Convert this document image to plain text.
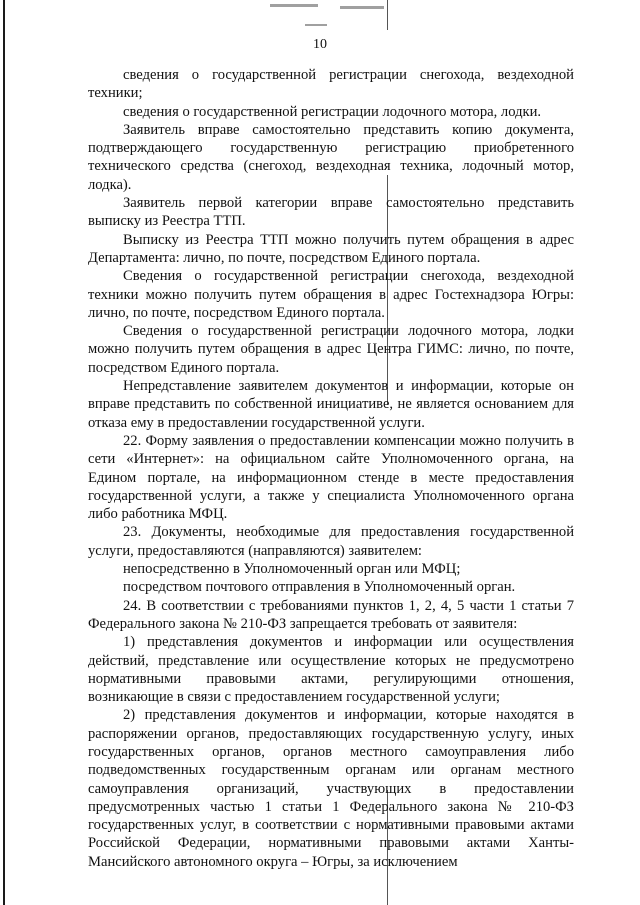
10

сведения о государственной регистрации снегохода, вездеходной техники;

сведения о государственной регистрации лодочного мотора, лодки.

Заявитель вправе самостоятельно представить копию документа, подтверждающего государственную регистрацию приобретенного технического средства (снегоход, вездеходная техника, лодочный мотор, лодка).

Заявитель первой категории вправе самостоятельно представить выписку из Реестра ТТП.

Выписку из Реестра ТТП можно получить путем обращения в адрес Департамента: лично, по почте, посредством Единого портала.

Сведения о государственной регистрации снегохода, вездеходной техники можно получить путем обращения в адрес Гостехнадзора Югры: лично, по почте, посредством Единого портала.

Сведения о государственной регистрации лодочного мотора, лодки можно получить путем обращения в адрес Центра ГИМС: лично, по почте, посредством Единого портала.

Непредставление заявителем документов и информации, которые он вправе представить по собственной инициативе, не является основанием для отказа ему в предоставлении государственной услуги.

22. Форму заявления о предоставлении компенсации можно получить в сети «Интернет»: на официальном сайте Уполномоченного органа, на Едином портале, на информационном стенде в месте предоставления государственной услуги, а также у специалиста Уполномоченного органа либо работника МФЦ.

23. Документы, необходимые для предоставления государственной услуги, предоставляются (направляются) заявителем:

непосредственно в Уполномоченный орган или МФЦ;

посредством почтового отправления в Уполномоченный орган.

24. В соответствии с требованиями пунктов 1, 2, 4, 5 части 1 статьи 7 Федерального закона № 210-ФЗ запрещается требовать от заявителя:

1) представления документов и информации или осуществления действий, представление или осуществление которых не предусмотрено нормативными правовыми актами, регулирующими отношения, возникающие в связи с предоставлением государственной услуги;

2) представления документов и информации, которые находятся в распоряжении органов, предоставляющих государственную услугу, иных государственных органов, органов местного самоуправления либо подведомственных государственным органам или органам местного самоуправления организаций, участвующих в предоставлении предусмотренных частью 1 статьи 1 Федерального закона № 210-ФЗ государственных услуг, в соответствии с нормативными правовыми актами Российской Федерации, нормативными правовыми актами Ханты-Мансийского автономного округа – Югры, за исключением
